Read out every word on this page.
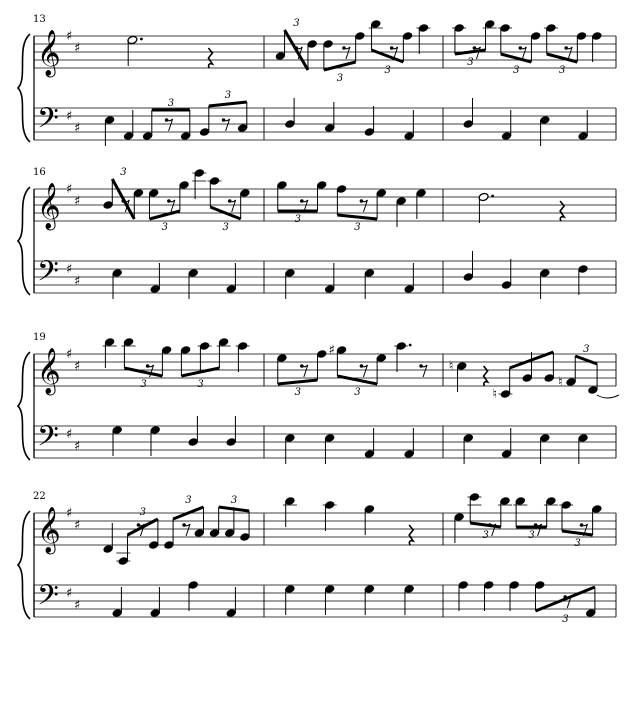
𝄞 ♯
♯
𝄢 ♯
♯
13
3
3
3
3
3
3
3	3
𝄞 ♯
♯
𝄢 ♯
♯
16	3
3	3
3
3
𝄞 ♯
♯
𝄢 ♯
♯
19
3	3
♯
3	3
♮
♮
♮
3
𝄞 ♯
♯
𝄢 ♯
♯
22
3
3	3
3	3
3
3
